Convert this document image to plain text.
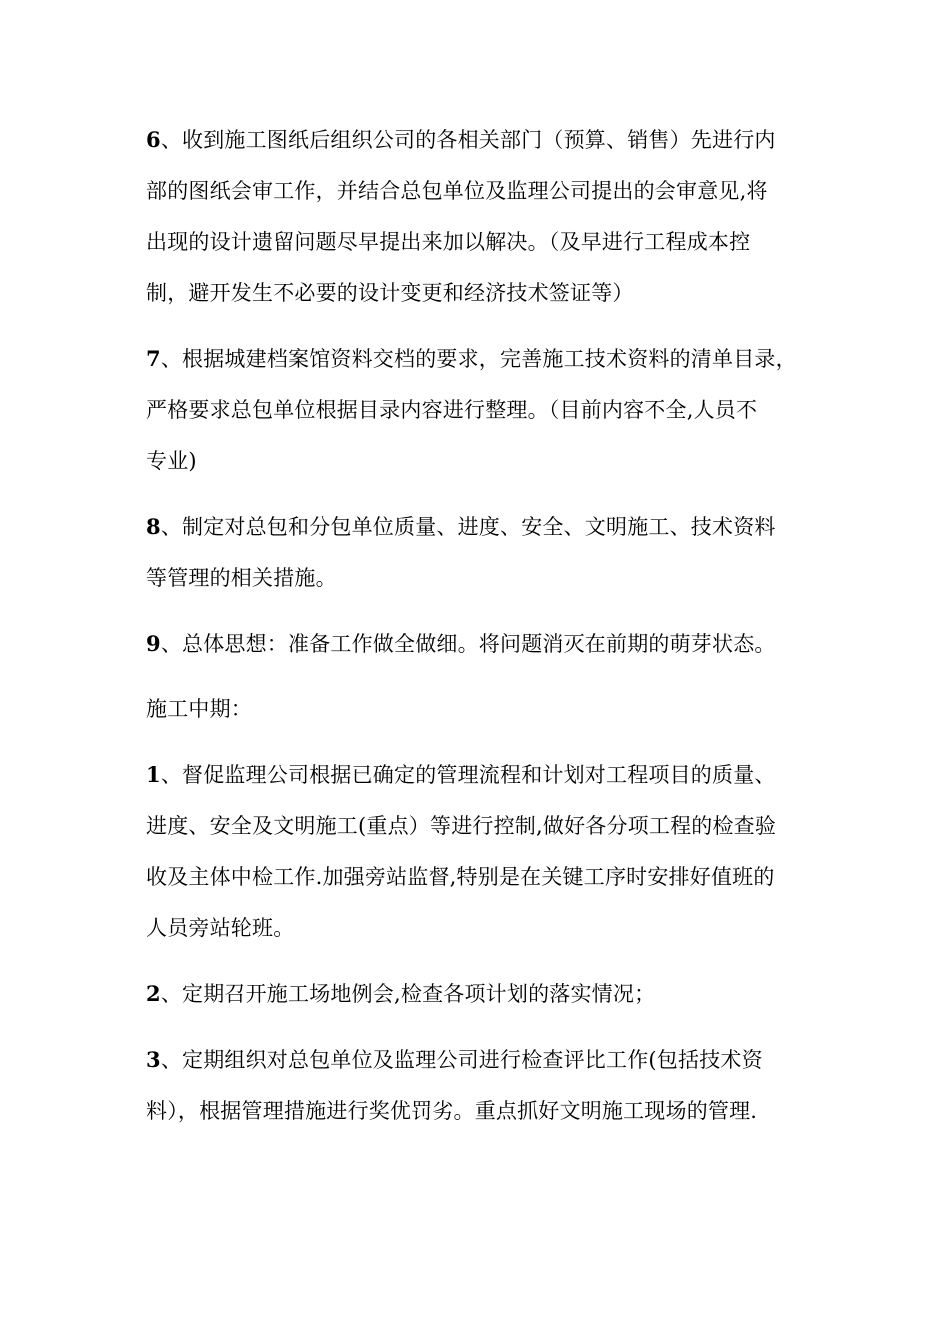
6、收到施工图纸后组织公司的各相关部门（预算、销售）先进行内
部的图纸会审工作，并结合总包单位及监理公司提出的会审意见,将
出现的设计遗留问题尽早提出来加以解决。（及早进行工程成本控
制，避开发生不必要的设计变更和经济技术签证等）

7、根据城建档案馆资料交档的要求，完善施工技术资料的清单目录，
严格要求总包单位根据目录内容进行整理。（目前内容不全,人员不
专业)

8、制定对总包和分包单位质量、进度、安全、文明施工、技术资料
等管理的相关措施。

9、总体思想：准备工作做全做细。将问题消灭在前期的萌芽状态。

施工中期：

1、督促监理公司根据已确定的管理流程和计划对工程项目的质量、
进度、安全及文明施工(重点）等进行控制,做好各分项工程的检查验
收及主体中检工作.加强旁站监督,特别是在关键工序时安排好值班的
人员旁站轮班。

2、定期召开施工场地例会,检查各项计划的落实情况；

3、定期组织对总包单位及监理公司进行检查评比工作(包括技术资
料），根据管理措施进行奖优罚劣。重点抓好文明施工现场的管理.
